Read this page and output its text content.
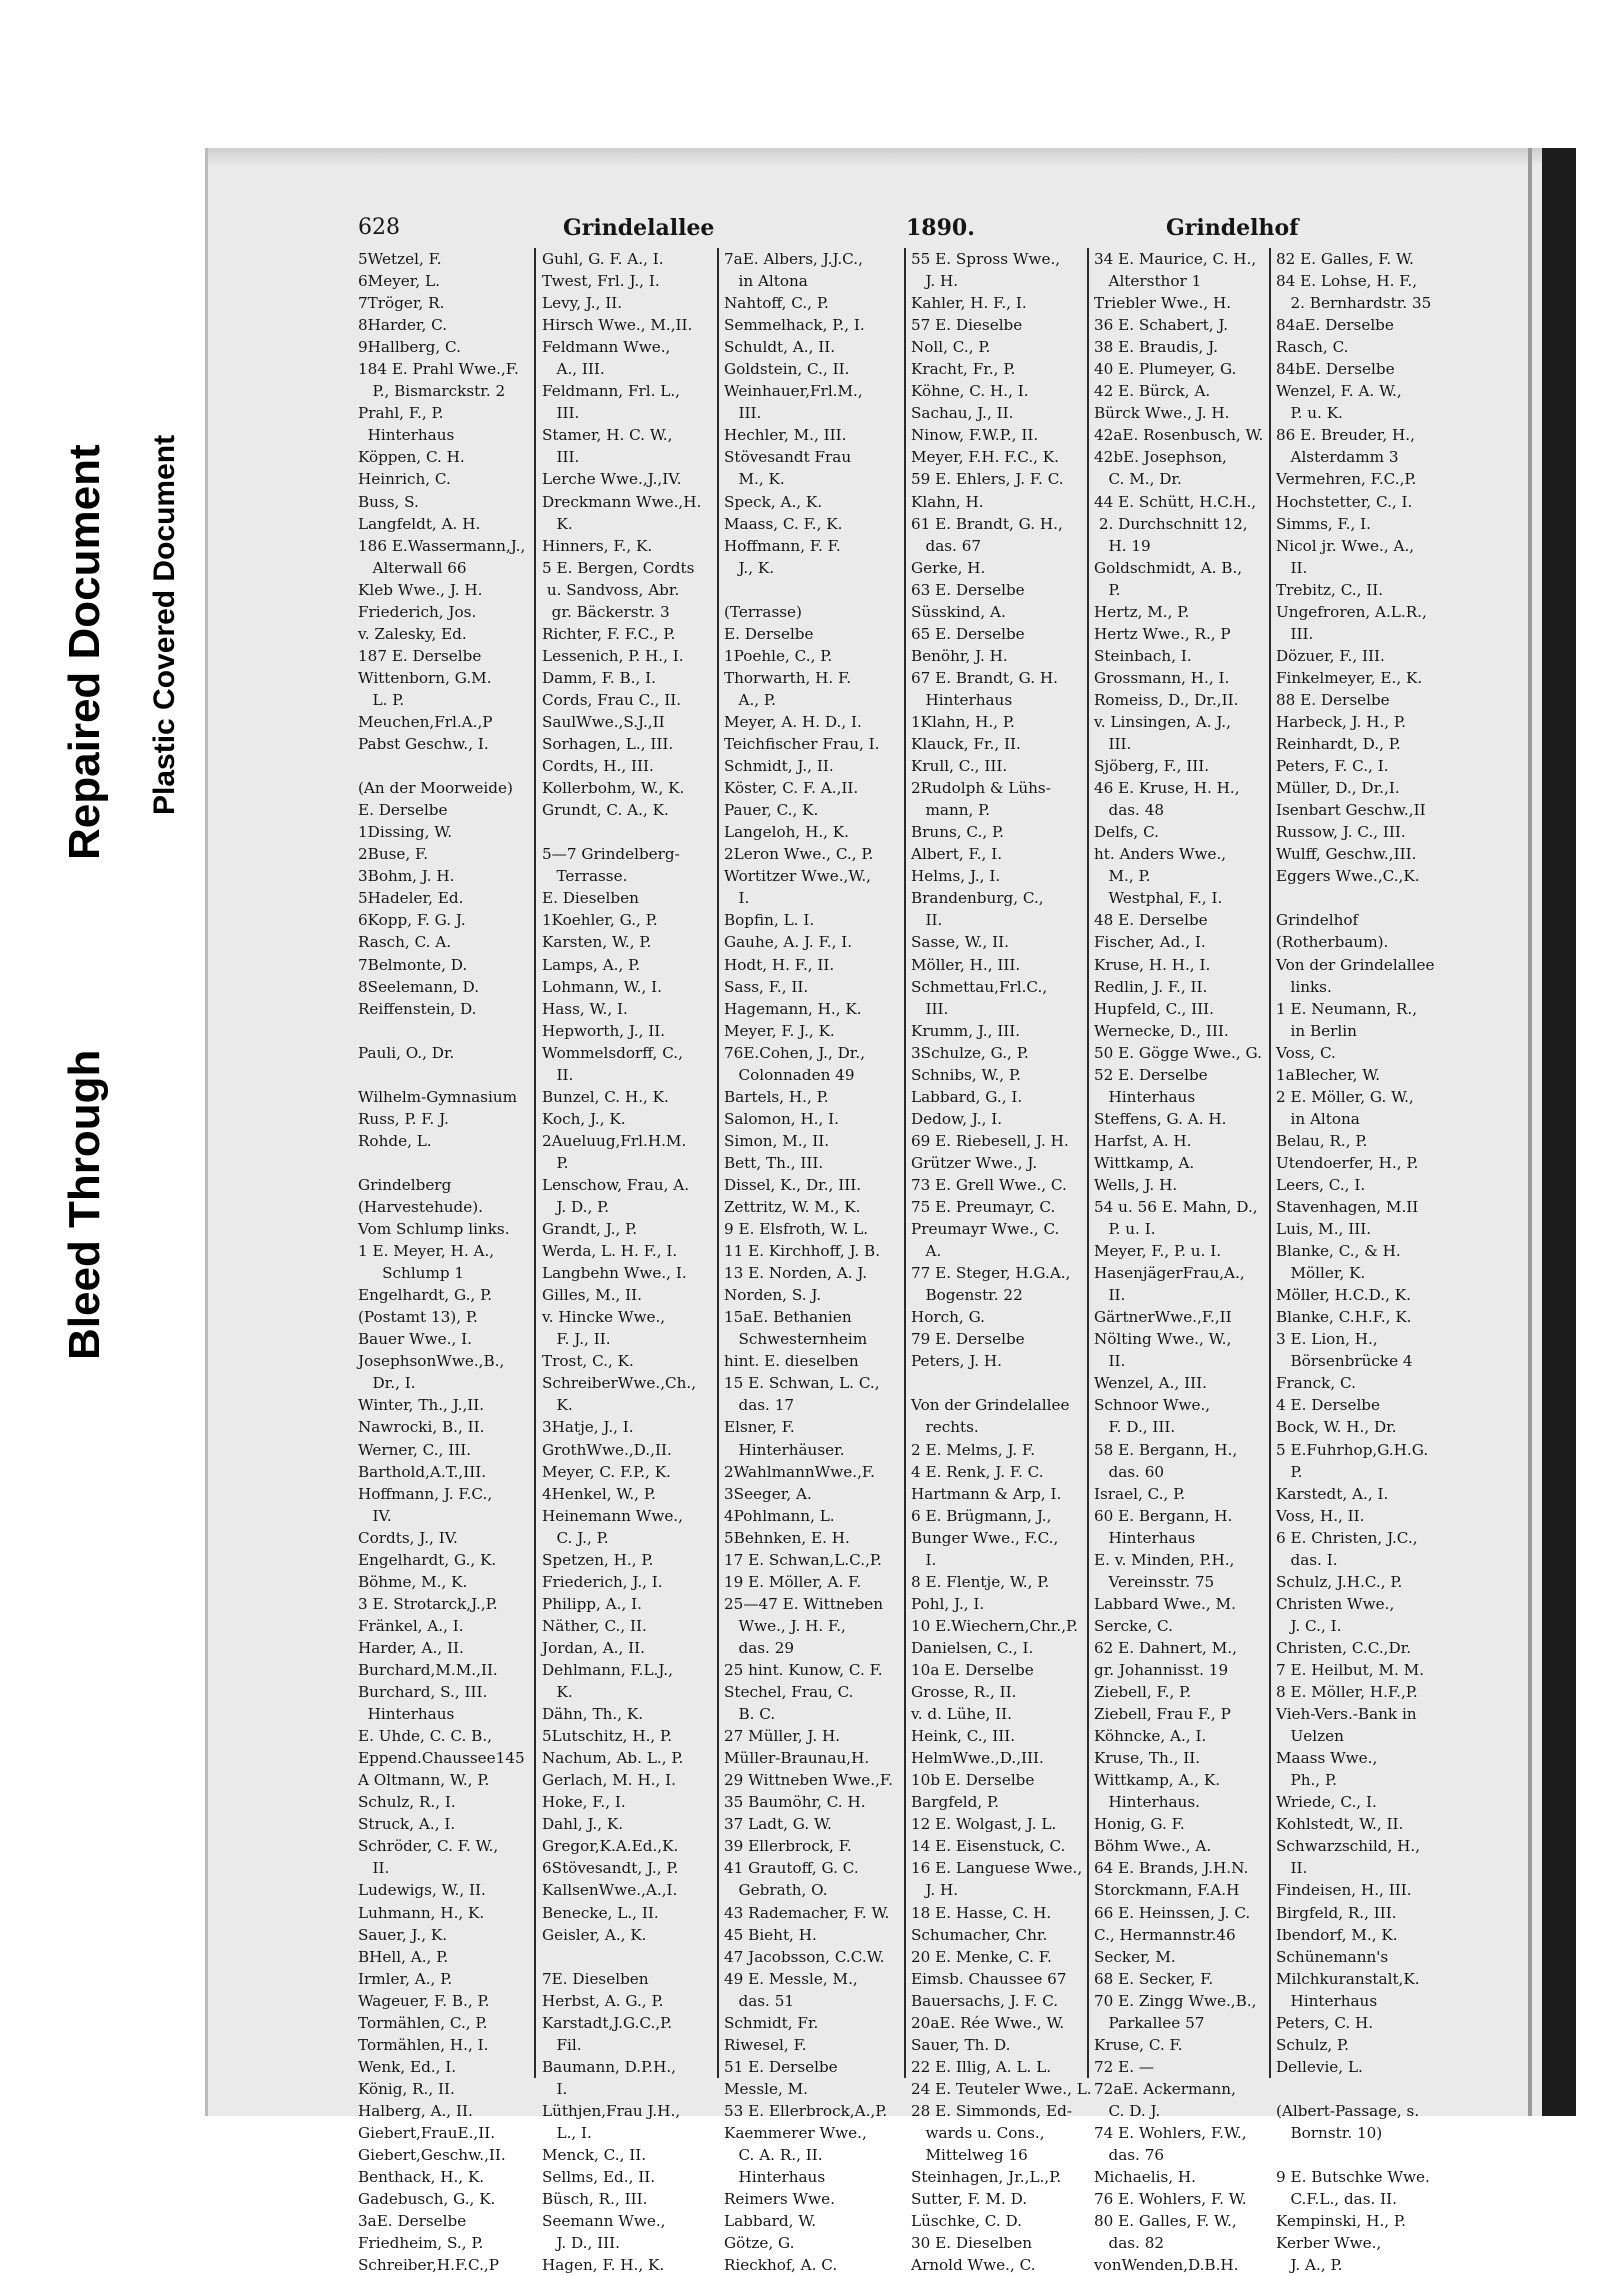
Bleed Through
Repaired Document Plastic Covered Document
628	Grindelallee	1890.	Grindelhof
5Wetzel, F.
6Meyer, L.
7Tröger, R.
8Harder, C.
9Hallberg, C.
184 E. Prahl Wwe.,F.
P., Bismarckstr. 2
Prahl, F., P.
Hinterhaus
Köppen, C. H.
Heinrich, C.
Buss, S.
Langfeldt, A. H.
186 E.Wassermann,J.,
Alterwall 66
Kleb Wwe., J. H.
Friederich, Jos.
v. Zalesky, Ed.
187 E. Derselbe
Wittenborn, G.M.
L. P.
Meuchen,Frl.A.,P
Pabst Geschw., I.
(An der Moorweide)
E. Derselbe
1Dissing, W.
2Buse, F.
3Bohm, J. H.
5Hadeler, Ed.
6Kopp, F. G. J.
Rasch, C. A.
7Belmonte, D.
8Seelemann, D.
Reiffenstein, D.
Pauli, O., Dr.
Wilhelm-Gymnasium
Russ, P. F. J.
Rohde, L.
Grindelberg
(Harvestehude).
Vom Schlump links.
1 E. Meyer, H. A.,
Schlump 1
Engelhardt, G., P.
(Postamt 13), P.
Bauer Wwe., I.
JosephsonWwe.,B.,
Dr., I.
Winter, Th., J.,II.
Nawrocki, B., II.
Werner, C., III.
Barthold,A.T.,III.
Hoffmann, J. F.C.,
IV.
Cordts, J., IV.
Engelhardt, G., K.
Böhme, M., K.
3 E. Strotarck,J.,P.
Fränkel, A., I.
Harder, A., II.
Burchard,M.M.,II.
Burchard, S., III.
Hinterhaus
E. Uhde, C. C. B.,
Eppend.Chaussee145
A Oltmann, W., P.
Schulz, R., I.
Struck, A., I.
Schröder, C. F. W.,
II.
Ludewigs, W., II.
Luhmann, H., K.
Sauer, J., K.
BHell, A., P.
Irmler, A., P.
Wageuer, F. B., P.
Tormählen, C., P.
Tormählen, H., I.
Wenk, Ed., I.
König, R., II.
Halberg, A., II.
Giebert,FrauE.,II.
Giebert,Geschw.,II.
Benthack, H., K.
Gadebusch, G., K.
3aE. Derselbe
Friedheim, S., P.
Schreiber,H.F.C.,P
Guhl, G. F. A., I.
Twest, Frl. J., I.
Levy, J., II.
Hirsch Wwe., M.,II.
Feldmann Wwe.,
A., III.
Feldmann, Frl. L.,
III.
Stamer, H. C. W.,
III.
Lerche Wwe.,J.,IV.
Dreckmann Wwe.,H.
K.
Hinners, F., K.
5 E. Bergen, Cordts
u. Sandvoss, Abr.
gr. Bäckerstr. 3
Richter, F. F.C., P.
Lessenich, P. H., I.
Damm, F. B., I.
Cords, Frau C., II.
SaulWwe.,S.J.,II
Sorhagen, L., III.
Cordts, H., III.
Kollerbohm, W., K.
Grundt, C. A., K.
5—7 Grindelberg-
Terrasse.
E. Dieselben
1Koehler, G., P.
Karsten, W., P.
Lamps, A., P.
Lohmann, W., I.
Hass, W., I.
Hepworth, J., II.
Wommelsdorff, C.,
II.
Bunzel, C. H., K.
Koch, J., K.
2Aueluug,Frl.H.M.
P.
Lenschow, Frau, A.
J. D., P.
Grandt, J., P.
Werda, L. H. F., I.
Langbehn Wwe., I.
Gilles, M., II.
v. Hincke Wwe.,
F. J., II.
Trost, C., K.
SchreiberWwe.,Ch.,
K.
3Hatje, J., I.
GrothWwe.,D.,II.
Meyer, C. F.P., K.
4Henkel, W., P.
Heinemann Wwe.,
C. J., P.
Spetzen, H., P.
Friederich, J., I.
Philipp, A., I.
Näther, C., II.
Jordan, A., II.
Dehlmann, F.L.J.,
K.
Dähn, Th., K.
5Lutschitz, H., P.
Nachum, Ab. L., P.
Gerlach, M. H., I.
Hoke, F., I.
Dahl, J., K.
Gregor,K.A.Ed.,K.
6Stövesandt, J., P.
KallsenWwe.,A.,I.
Benecke, L., II.
Geisler, A., K.
7E. Dieselben
Herbst, A. G., P.
Karstadt,J.G.C.,P.
Fil.
Baumann, D.P.H.,
I.
Lüthjen,Frau J.H.,
L., I.
Menck, C., II.
Sellms, Ed., II.
Büsch, R., III.
Seemann Wwe.,
J. D., III.
Hagen, F. H., K.
7aE. Albers, J.J.C.,
in Altona
Nahtoff, C., P.
Semmelhack, P., I.
Schuldt, A., II.
Goldstein, C., II.
Weinhauer,Frl.M.,
III.
Hechler, M., III.
Stövesandt Frau
M., K.
Speck, A., K.
Maass, C. F., K.
Hoffmann, F. F.
J., K.
(Terrasse)
E. Derselbe
1Poehle, C., P.
Thorwarth, H. F.
A., P.
Meyer, A. H. D., I.
Teichfischer Frau, I.
Schmidt, J., II.
Köster, C. F. A.,II.
Pauer, C., K.
Langeloh, H., K.
2Leron Wwe., C., P.
Wortitzer Wwe.,W.,
I.
Bopfin, L. I.
Gauhe, A. J. F., I.
Hodt, H. F., II.
Sass, F., II.
Hagemann, H., K.
Meyer, F. J., K.
76E.Cohen, J., Dr.,
Colonnaden 49
Bartels, H., P.
Salomon, H., I.
Simon, M., II.
Bett, Th., III.
Dissel, K., Dr., III.
Zettritz, W. M., K.
9 E. Elsfroth, W. L.
11 E. Kirchhoff, J. B.
13 E. Norden, A. J.
Norden, S. J.
15aE. Bethanien
Schwesternheim
hint. E. dieselben
15 E. Schwan, L. C.,
das. 17
Elsner, F.
Hinterhäuser.
2WahlmannWwe.,F.
3Seeger, A.
4Pohlmann, L.
5Behnken, E. H.
17 E. Schwan,L.C.,P.
19 E. Möller, A. F.
25—47 E. Wittneben
Wwe., J. H. F.,
das. 29
25 hint. Kunow, C. F.
Stechel, Frau, C.
B. C.
27 Müller, J. H.
Müller-Braunau,H.
29 Wittneben Wwe.,F.
35 Baumöhr, C. H.
37 Ladt, G. W.
39 Ellerbrock, F.
41 Grautoff, G. C.
Gebrath, O.
43 Rademacher, F. W.
45 Bieht, H.
47 Jacobsson, C.C.W.
49 E. Messle, M.,
das. 51
Schmidt, Fr.
Riwesel, F.
51 E. Derselbe
Messle, M.
53 E. Ellerbrock,A.,P.
Kaemmerer Wwe.,
C. A. R., II.
Hinterhaus
Reimers Wwe.
Labbard, W.
Götze, G.
Rieckhof, A. C.
55 E. Spross Wwe.,
J. H.
Kahler, H. F., I.
57 E. Dieselbe
Noll, C., P.
Kracht, Fr., P.
Köhne, C. H., I.
Sachau, J., II.
Ninow, F.W.P., II.
Meyer, F.H. F.C., K.
59 E. Ehlers, J. F. C.
Klahn, H.
61 E. Brandt, G. H.,
das. 67
Gerke, H.
63 E. Derselbe
Süsskind, A.
65 E. Derselbe
Benöhr, J. H.
67 E. Brandt, G. H.
Hinterhaus
1Klahn, H., P.
Klauck, Fr., II.
Krull, C., III.
2Rudolph & Lühs-
mann, P.
Bruns, C., P.
Albert, F., I.
Helms, J., I.
Brandenburg, C.,
II.
Sasse, W., II.
Möller, H., III.
Schmettau,Frl.C.,
III.
Krumm, J., III.
3Schulze, G., P.
Schnibs, W., P.
Labbard, G., I.
Dedow, J., I.
69 E. Riebesell, J. H.
Grützer Wwe., J.
73 E. Grell Wwe., C.
75 E. Preumayr, C.
Preumayr Wwe., C.
A.
77 E. Steger, H.G.A.,
Bogenstr. 22
Horch, G.
79 E. Derselbe
Peters, J. H.
Von der Grindelallee
rechts.
2 E. Melms, J. F.
4 E. Renk, J. F. C.
Hartmann & Arp, I.
6 E. Brügmann, J.,
Bunger Wwe., F.C.,
I.
8 E. Flentje, W., P.
Pohl, J., I.
10 E.Wiechern,Chr.,P.
Danielsen, C., I.
10a E. Derselbe
Grosse, R., II.
v. d. Lühe, II.
Heink, C., III.
HelmWwe.,D.,III.
10b E. Derselbe
Bargfeld, P.
12 E. Wolgast, J. L.
14 E. Eisenstuck, C.
16 E. Languese Wwe.,
J. H.
18 E. Hasse, C. H.
Schumacher, Chr.
20 E. Menke, C. F.
Eimsb. Chaussee 67
Bauersachs, J. F. C.
20aE. Rée Wwe., W.
Sauer, Th. D.
22 E. Illig, A. L. L.
24 E. Teuteler Wwe., L.
28 E. Simmonds, Ed-
wards u. Cons.,
Mittelweg 16
Steinhagen, Jr.,L.,P.
Sutter, F. M. D.
Lüschke, C. D.
30 E. Dieselben
Arnold Wwe., C.
34 E. Maurice, C. H.,
Altersthor 1
Triebler Wwe., H.
36 E. Schabert, J.
38 E. Braudis, J.
40 E. Plumeyer, G.
42 E. Bürck, A.
Bürck Wwe., J. H.
42aE. Rosenbusch, W.
42bE. Josephson,
C. M., Dr.
44 E. Schütt, H.C.H.,
2. Durchschnitt 12,
H. 19
Goldschmidt, A. B.,
P.
Hertz, M., P.
Hertz Wwe., R., P
Steinbach, I.
Grossmann, H., I.
Romeiss, D., Dr.,II.
v. Linsingen, A. J.,
III.
Sjöberg, F., III.
46 E. Kruse, H. H.,
das. 48
Delfs, C.
ht. Anders Wwe.,
M., P.
Westphal, F., I.
48 E. Derselbe
Fischer, Ad., I.
Kruse, H. H., I.
Redlin, J. F., II.
Hupfeld, C., III.
Wernecke, D., III.
50 E. Gögge Wwe., G.
52 E. Derselbe
Hinterhaus
Steffens, G. A. H.
Harfst, A. H.
Wittkamp, A.
Wells, J. H.
54 u. 56 E. Mahn, D.,
P. u. I.
Meyer, F., P. u. I.
HasenjägerFrau,A.,
II.
GärtnerWwe.,F.,II
Nölting Wwe., W.,
II.
Wenzel, A., III.
Schnoor Wwe.,
F. D., III.
58 E. Bergann, H.,
das. 60
Israel, C., P.
60 E. Bergann, H.
Hinterhaus
E. v. Minden, P.H.,
Vereinsstr. 75
Labbard Wwe., M.
Sercke, C.
62 E. Dahnert, M.,
gr. Johannisst. 19
Ziebell, F., P.
Ziebell, Frau F., P
Köhncke, A., I.
Kruse, Th., II.
Wittkamp, A., K.
Hinterhaus.
Honig, G. F.
Böhm Wwe., A.
64 E. Brands, J.H.N.
Storckmann, F.A.H
66 E. Heinssen, J. C.
C., Hermannstr.46
Secker, M.
68 E. Secker, F.
70 E. Zingg Wwe.,B.,
Parkallee 57
Kruse, C. F.
72 E. —
72aE. Ackermann,
C. D. J.
74 E. Wohlers, F.W.,
das. 76
Michaelis, H.
76 E. Wohlers, F. W.
80 E. Galles, F. W.,
das. 82
vonWenden,D.B.H.
82 E. Galles, F. W.
84 E. Lohse, H. F.,
2. Bernhardstr. 35
84aE. Derselbe
Rasch, C.
84bE. Derselbe
Wenzel, F. A. W.,
P. u. K.
86 E. Breuder, H.,
Alsterdamm 3
Vermehren, F.C.,P.
Hochstetter, C., I.
Simms, F., I.
Nicol jr. Wwe., A.,
II.
Trebitz, C., II.
Ungefroren, A.L.R.,
III.
Dözuer, F., III.
Finkelmeyer, E., K.
88 E. Derselbe
Harbeck, J. H., P.
Reinhardt, D., P.
Peters, F. C., I.
Müller, D., Dr.,I.
Isenbart Geschw.,II
Russow, J. C., III.
Wulff, Geschw.,III.
Eggers Wwe.,C.,K.
Grindelhof
(Rotherbaum).
Von der Grindelallee
links.
1 E. Neumann, R.,
in Berlin
Voss, C.
1aBlecher, W.
2 E. Möller, G. W.,
in Altona
Belau, R., P.
Utendoerfer, H., P.
Leers, C., I.
Stavenhagen, M.II
Luis, M., III.
Blanke, C., & H.
Möller, K.
Möller, H.C.D., K.
Blanke, C.H.F., K.
3 E. Lion, H.,
Börsenbrücke 4
Franck, C.
4 E. Derselbe
Bock, W. H., Dr.
5 E.Fuhrhop,G.H.G.
P.
Karstedt, A., I.
Voss, H., II.
6 E. Christen, J.C.,
das. I.
Schulz, J.H.C., P.
Christen Wwe.,
J. C., I.
Christen, C.C.,Dr.
7 E. Heilbut, M. M.
8 E. Möller, H.F.,P.
Vieh-Vers.-Bank in
Uelzen
Maass Wwe.,
Ph., P.
Wriede, C., I.
Kohlstedt, W., II.
Schwarzschild, H.,
II.
Findeisen, H., III.
Birgfeld, R., III.
Ibendorf, M., K.
Schünemann's
Milchkuranstalt,K.
Hinterhaus
Peters, C. H.
Schulz, P.
Dellevie, L.
(Albert-Passage, s.
Bornstr. 10)
9 E. Butschke Wwe.
C.F.L., das. II.
Kempinski, H., P.
Kerber Wwe.,
J. A., P.
